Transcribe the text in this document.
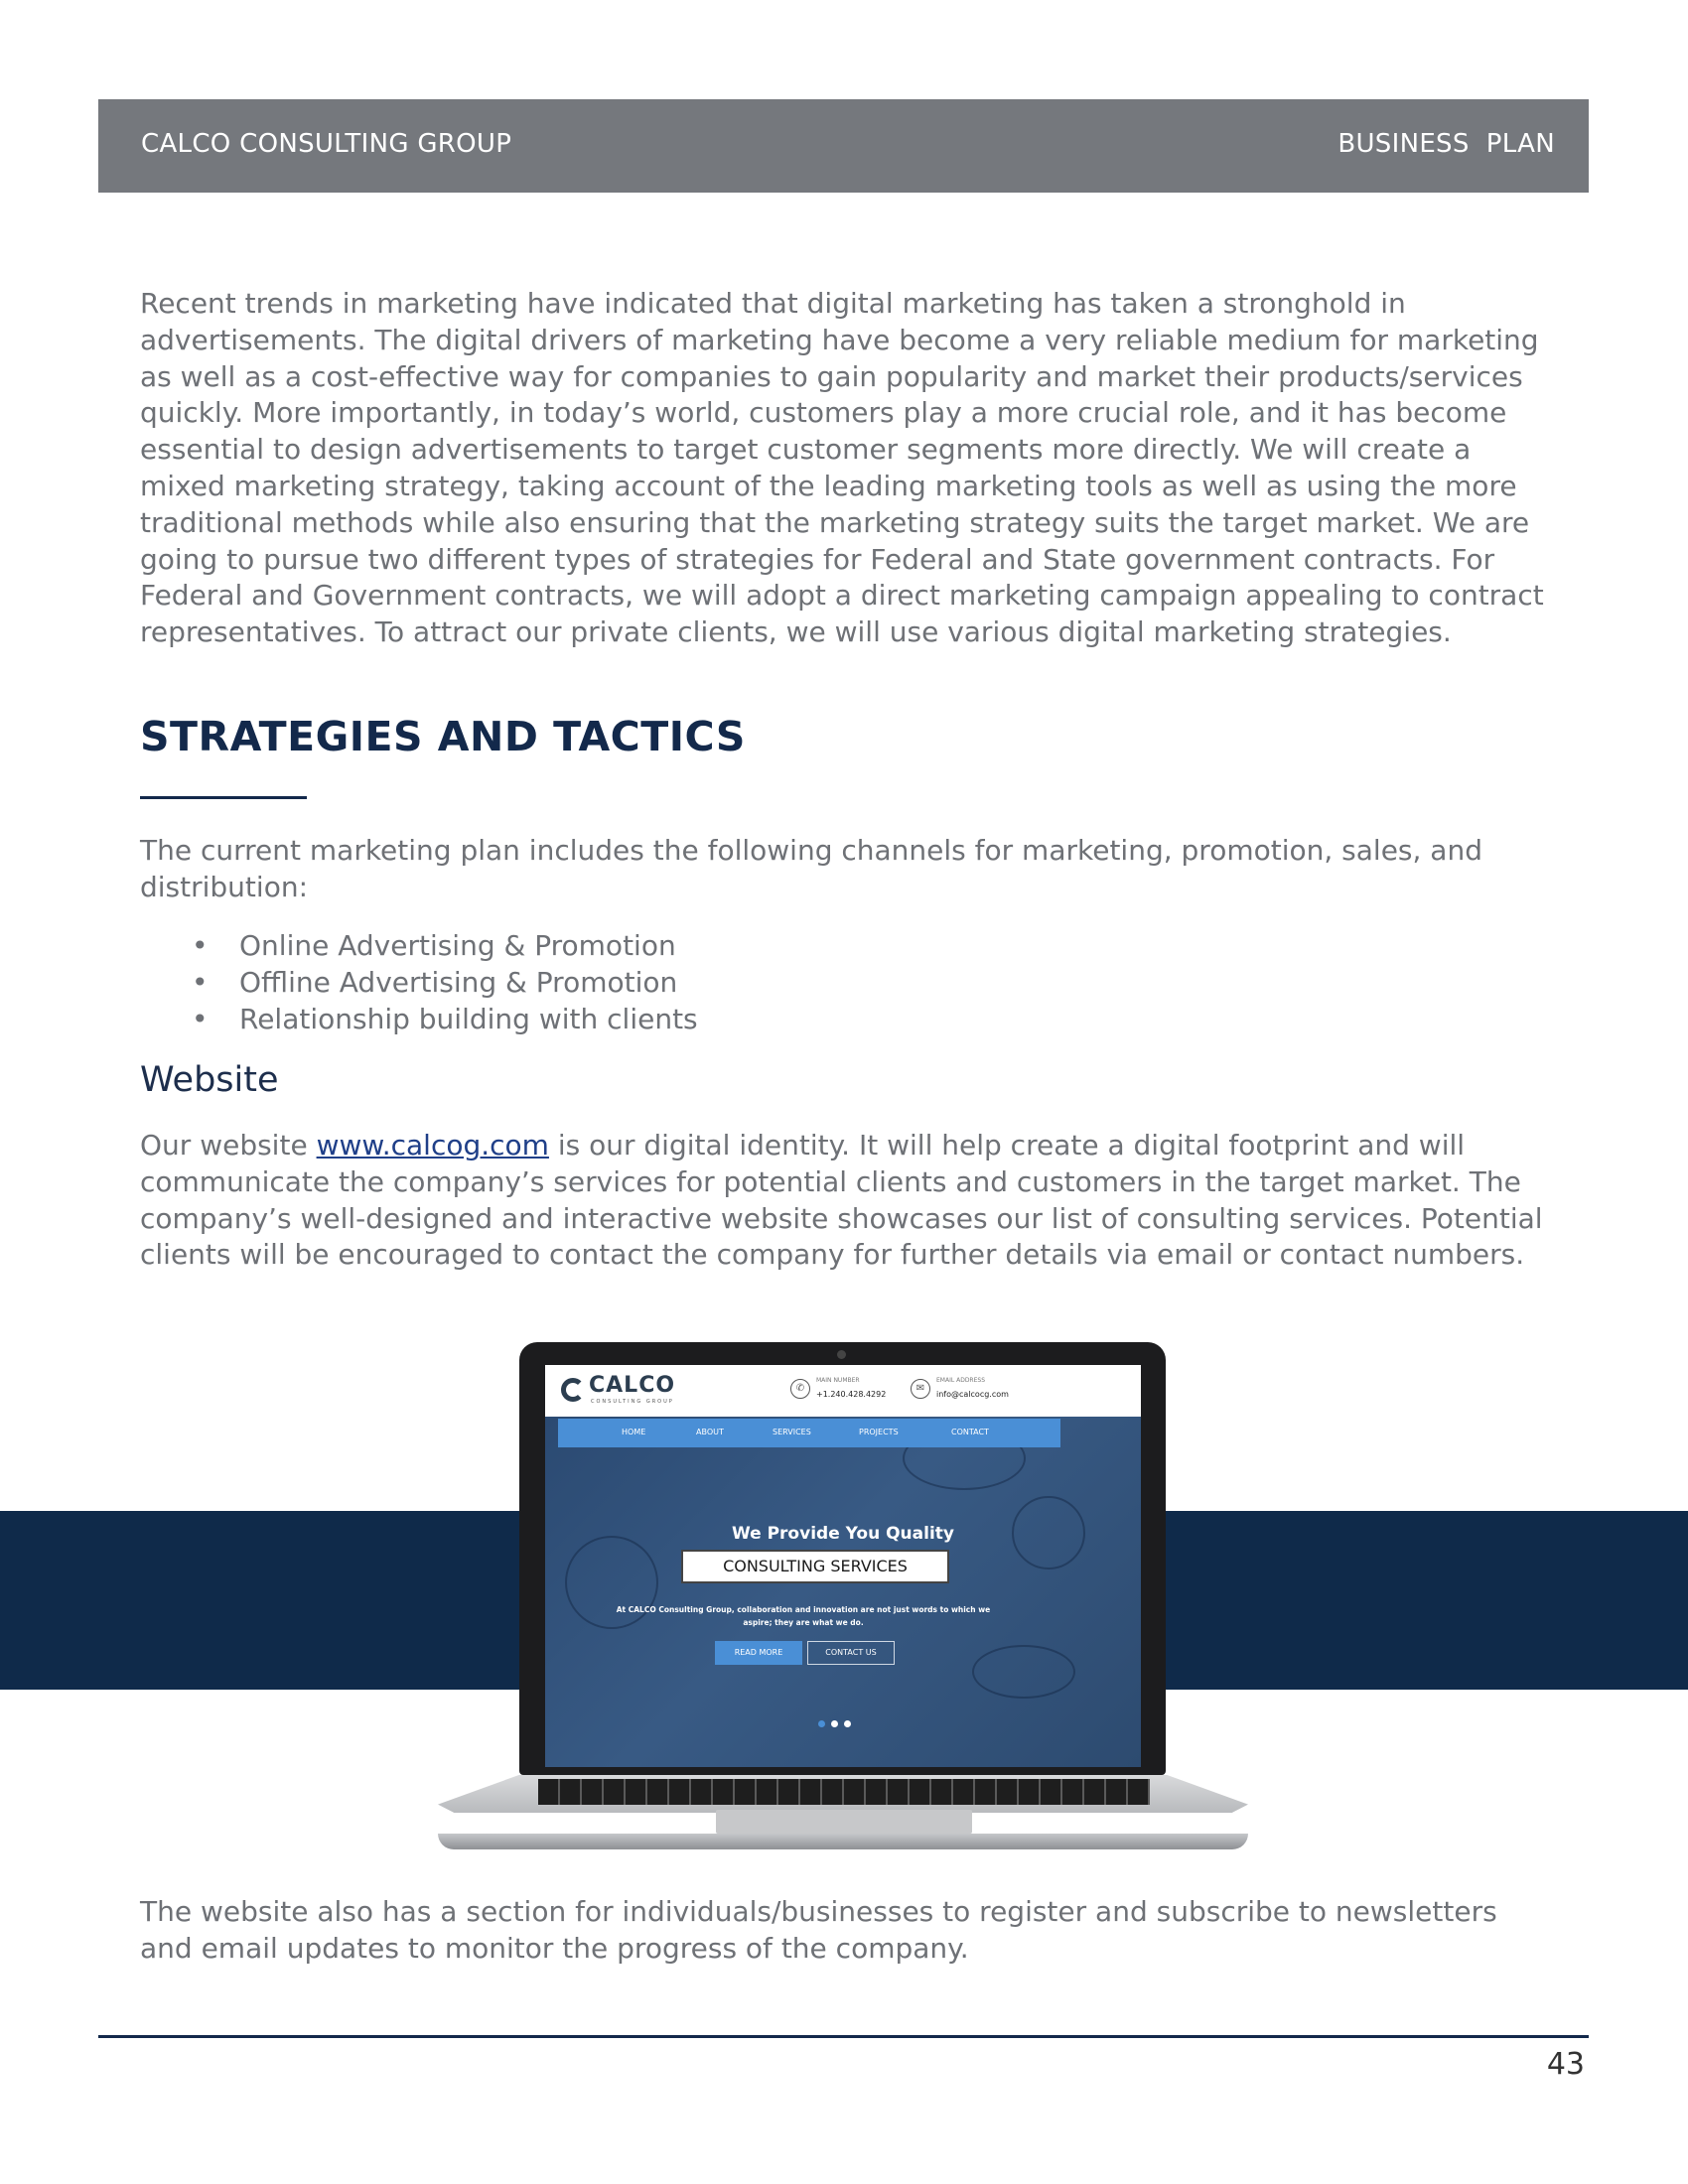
CALCO CONSULTING GROUP	BUSINESS  PLAN

Recent trends in marketing have indicated that digital marketing has taken a stronghold in advertisements. The digital drivers of marketing have become a very reliable medium for marketing as well as a cost-effective way for companies to gain popularity and market their products/services quickly. More importantly, in today’s world, customers play a more crucial role, and it has become essential to design advertisements to target customer segments more directly. We will create a mixed marketing strategy, taking account of the leading marketing tools as well as using the more traditional methods while also ensuring that the marketing strategy suits the target market. We are going to pursue two different types of strategies for Federal and State government contracts. For Federal and Government contracts, we will adopt a direct marketing campaign appealing to contract representatives. To attract our private clients, we will use various digital marketing strategies.

STRATEGIES AND TACTICS

The current marketing plan includes the following channels for marketing, promotion, sales, and distribution:

• Online Advertising & Promotion
• Offline Advertising & Promotion
• Relationship building with clients
Website

Our website www.calcog.com is our digital identity. It will help create a digital footprint and will communicate the company’s services for potential clients and customers in the target market. The company’s well-designed and interactive website showcases our list of consulting services. Potential clients will be encouraged to contact the company for further details via email or contact numbers.

CALCO
CONSULTING GROUP
✆
MAIN NUMBER
+1.240.428.4292
✉
EMAIL ADDRESS
info@calcocg.com
HOME	ABOUT	SERVICES	PROJECTS	CONTACT
We Provide You Quality
CONSULTING SERVICES
At CALCO Consulting Group, collaboration and innovation are not just words to which we aspire; they are what we do.
READ MORE	CONTACT US

The website also has a section for individuals/businesses to register and subscribe to newsletters and email updates to monitor the progress of the company.

43
